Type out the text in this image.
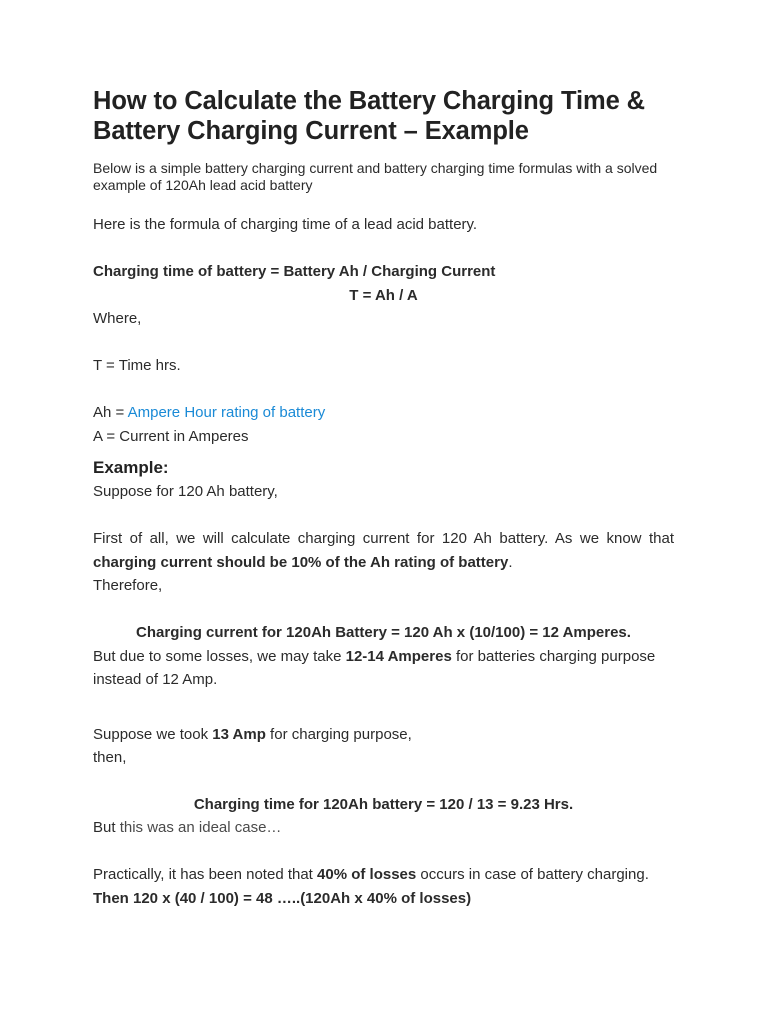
How to Calculate the Battery Charging Time & Battery Charging Current – Example

Below is a simple battery charging current and battery charging time formulas with a solved example of 120Ah lead acid battery

Here is the formula of charging time of a lead acid battery.

Charging time of battery = Battery Ah / Charging Current

T = Ah / A

Where,

T = Time hrs.

Ah = Ampere Hour rating of battery

A = Current in Amperes

Example:

Suppose for 120 Ah battery,

First of all, we will calculate charging current for 120 Ah battery. As we know that charging current should be 10% of the Ah rating of battery.

Therefore,

Charging current for 120Ah Battery = 120 Ah x (10/100) = 12 Amperes.

But due to some losses, we may take 12-14 Amperes for batteries charging purpose instead of 12 Amp.

Suppose we took 13 Amp for charging purpose,

then,

Charging time for 120Ah battery = 120 / 13 = 9.23 Hrs.

But this was an ideal case…

Practically, it has been noted that 40% of losses occurs in case of battery charging.

Then 120 x (40 / 100) = 48 …..(120Ah x 40% of losses)
